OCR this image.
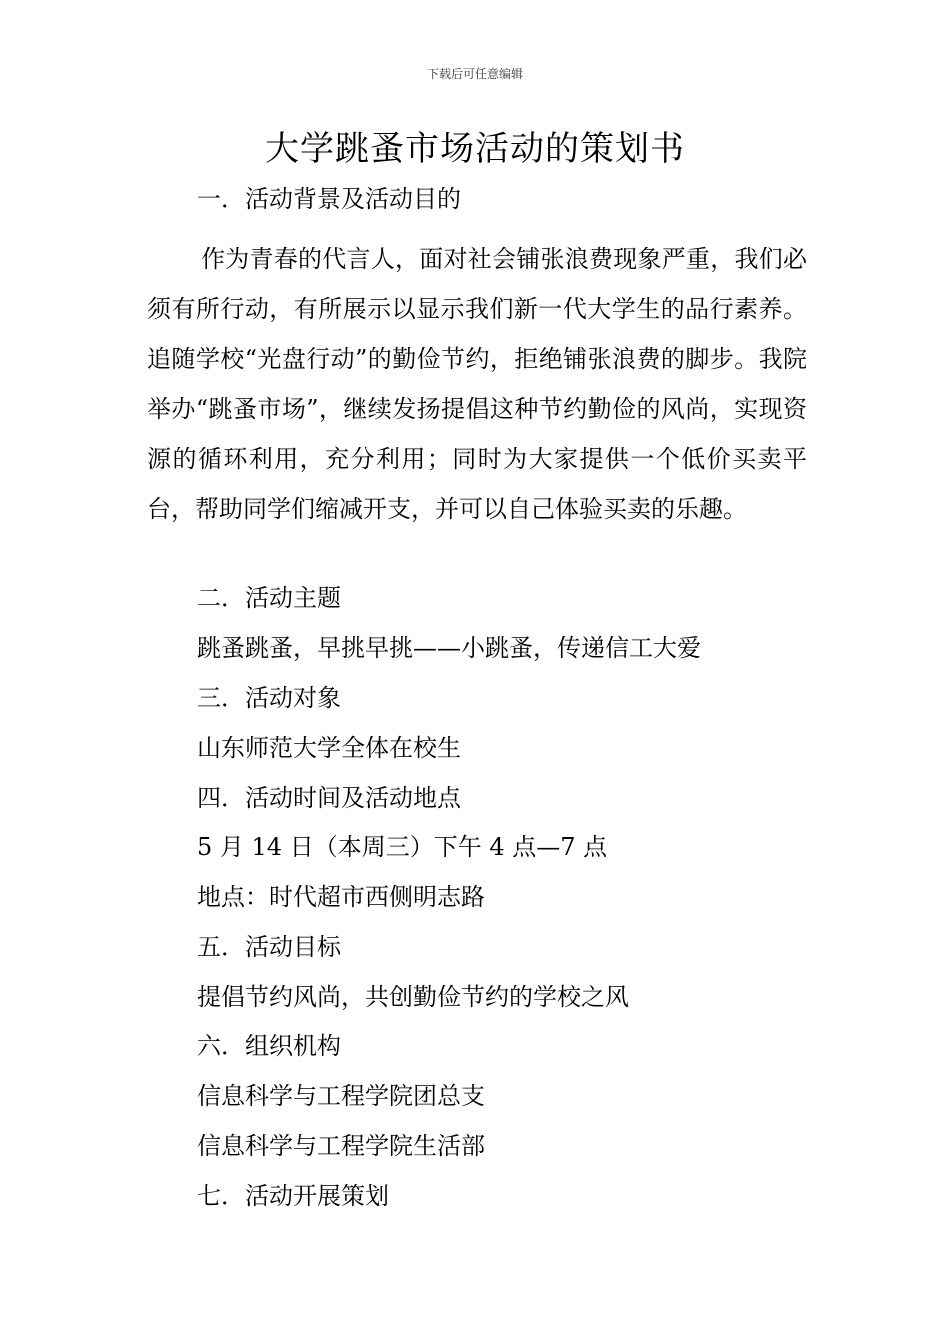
下载后可任意编辑
大学跳蚤市场活动的策划书
一．活动背景及活动目的

作为青春的代言人，面对社会铺张浪费现象严重，我们必须有所行动，有所展示以显示我们新一代大学生的品行素养。追随学校“光盘行动”的勤俭节约，拒绝铺张浪费的脚步。我院举办“跳蚤市场”，继续发扬提倡这种节约勤俭的风尚，实现资源的循环利用，充分利用；同时为大家提供一个低价买卖平台，帮助同学们缩减开支，并可以自己体验买卖的乐趣。

二．活动主题
跳蚤跳蚤，早挑早挑——小跳蚤，传递信工大爱
三．活动对象
山东师范大学全体在校生
四．活动时间及活动地点
5 月 14 日（本周三）下午 4 点—7 点
地点：时代超市西侧明志路
五．活动目标
提倡节约风尚，共创勤俭节约的学校之风
六．组织机构
信息科学与工程学院团总支
信息科学与工程学院生活部
七．活动开展策划
